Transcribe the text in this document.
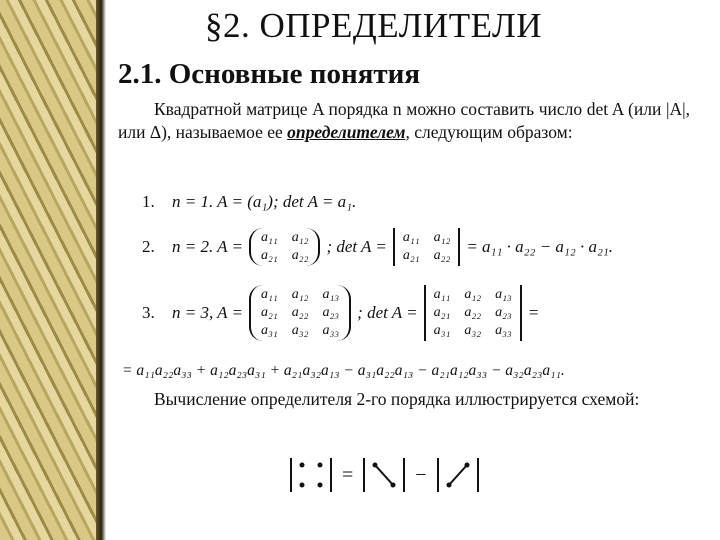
§2. ОПРЕДЕЛИТЕЛИ
2.1. Основные понятия
Квадратной матрице A порядка n можно составить число det A (или |A|, или Δ), называемое ее определителем, следующим образом:
1.	n = 1. A = (a₁); det A = a₁.
2.	n = 2. A = a₁₁ a₁₂
a₂₁ a₂₂ ; det A = a₁₁ a₁₂
a₂₁ a₂₂ = a₁₁ · a₂₂ − a₁₂ · a₂₁.
3.	n = 3, A =
a₁₁ a₁₂ a₁₃
a₂₁ a₂₂ a₂₃
a₃₁ a₃₂ a₃₃
; det A =
a₁₁ a₁₂ a₁₃
a₂₁ a₂₂ a₂₃
a₃₁ a₃₂ a₃₃
=
= a₁₁a₂₂a₃₃ + a₁₂a₂₃a₃₁ + a₂₁a₃₂a₁₃ − a₃₁a₂₂a₁₃ − a₂₁a₁₂a₃₃ − a₃₂a₂₃a₁₁.
Вычисление определителя 2-го порядка иллюстрируется схемой:
=	−
